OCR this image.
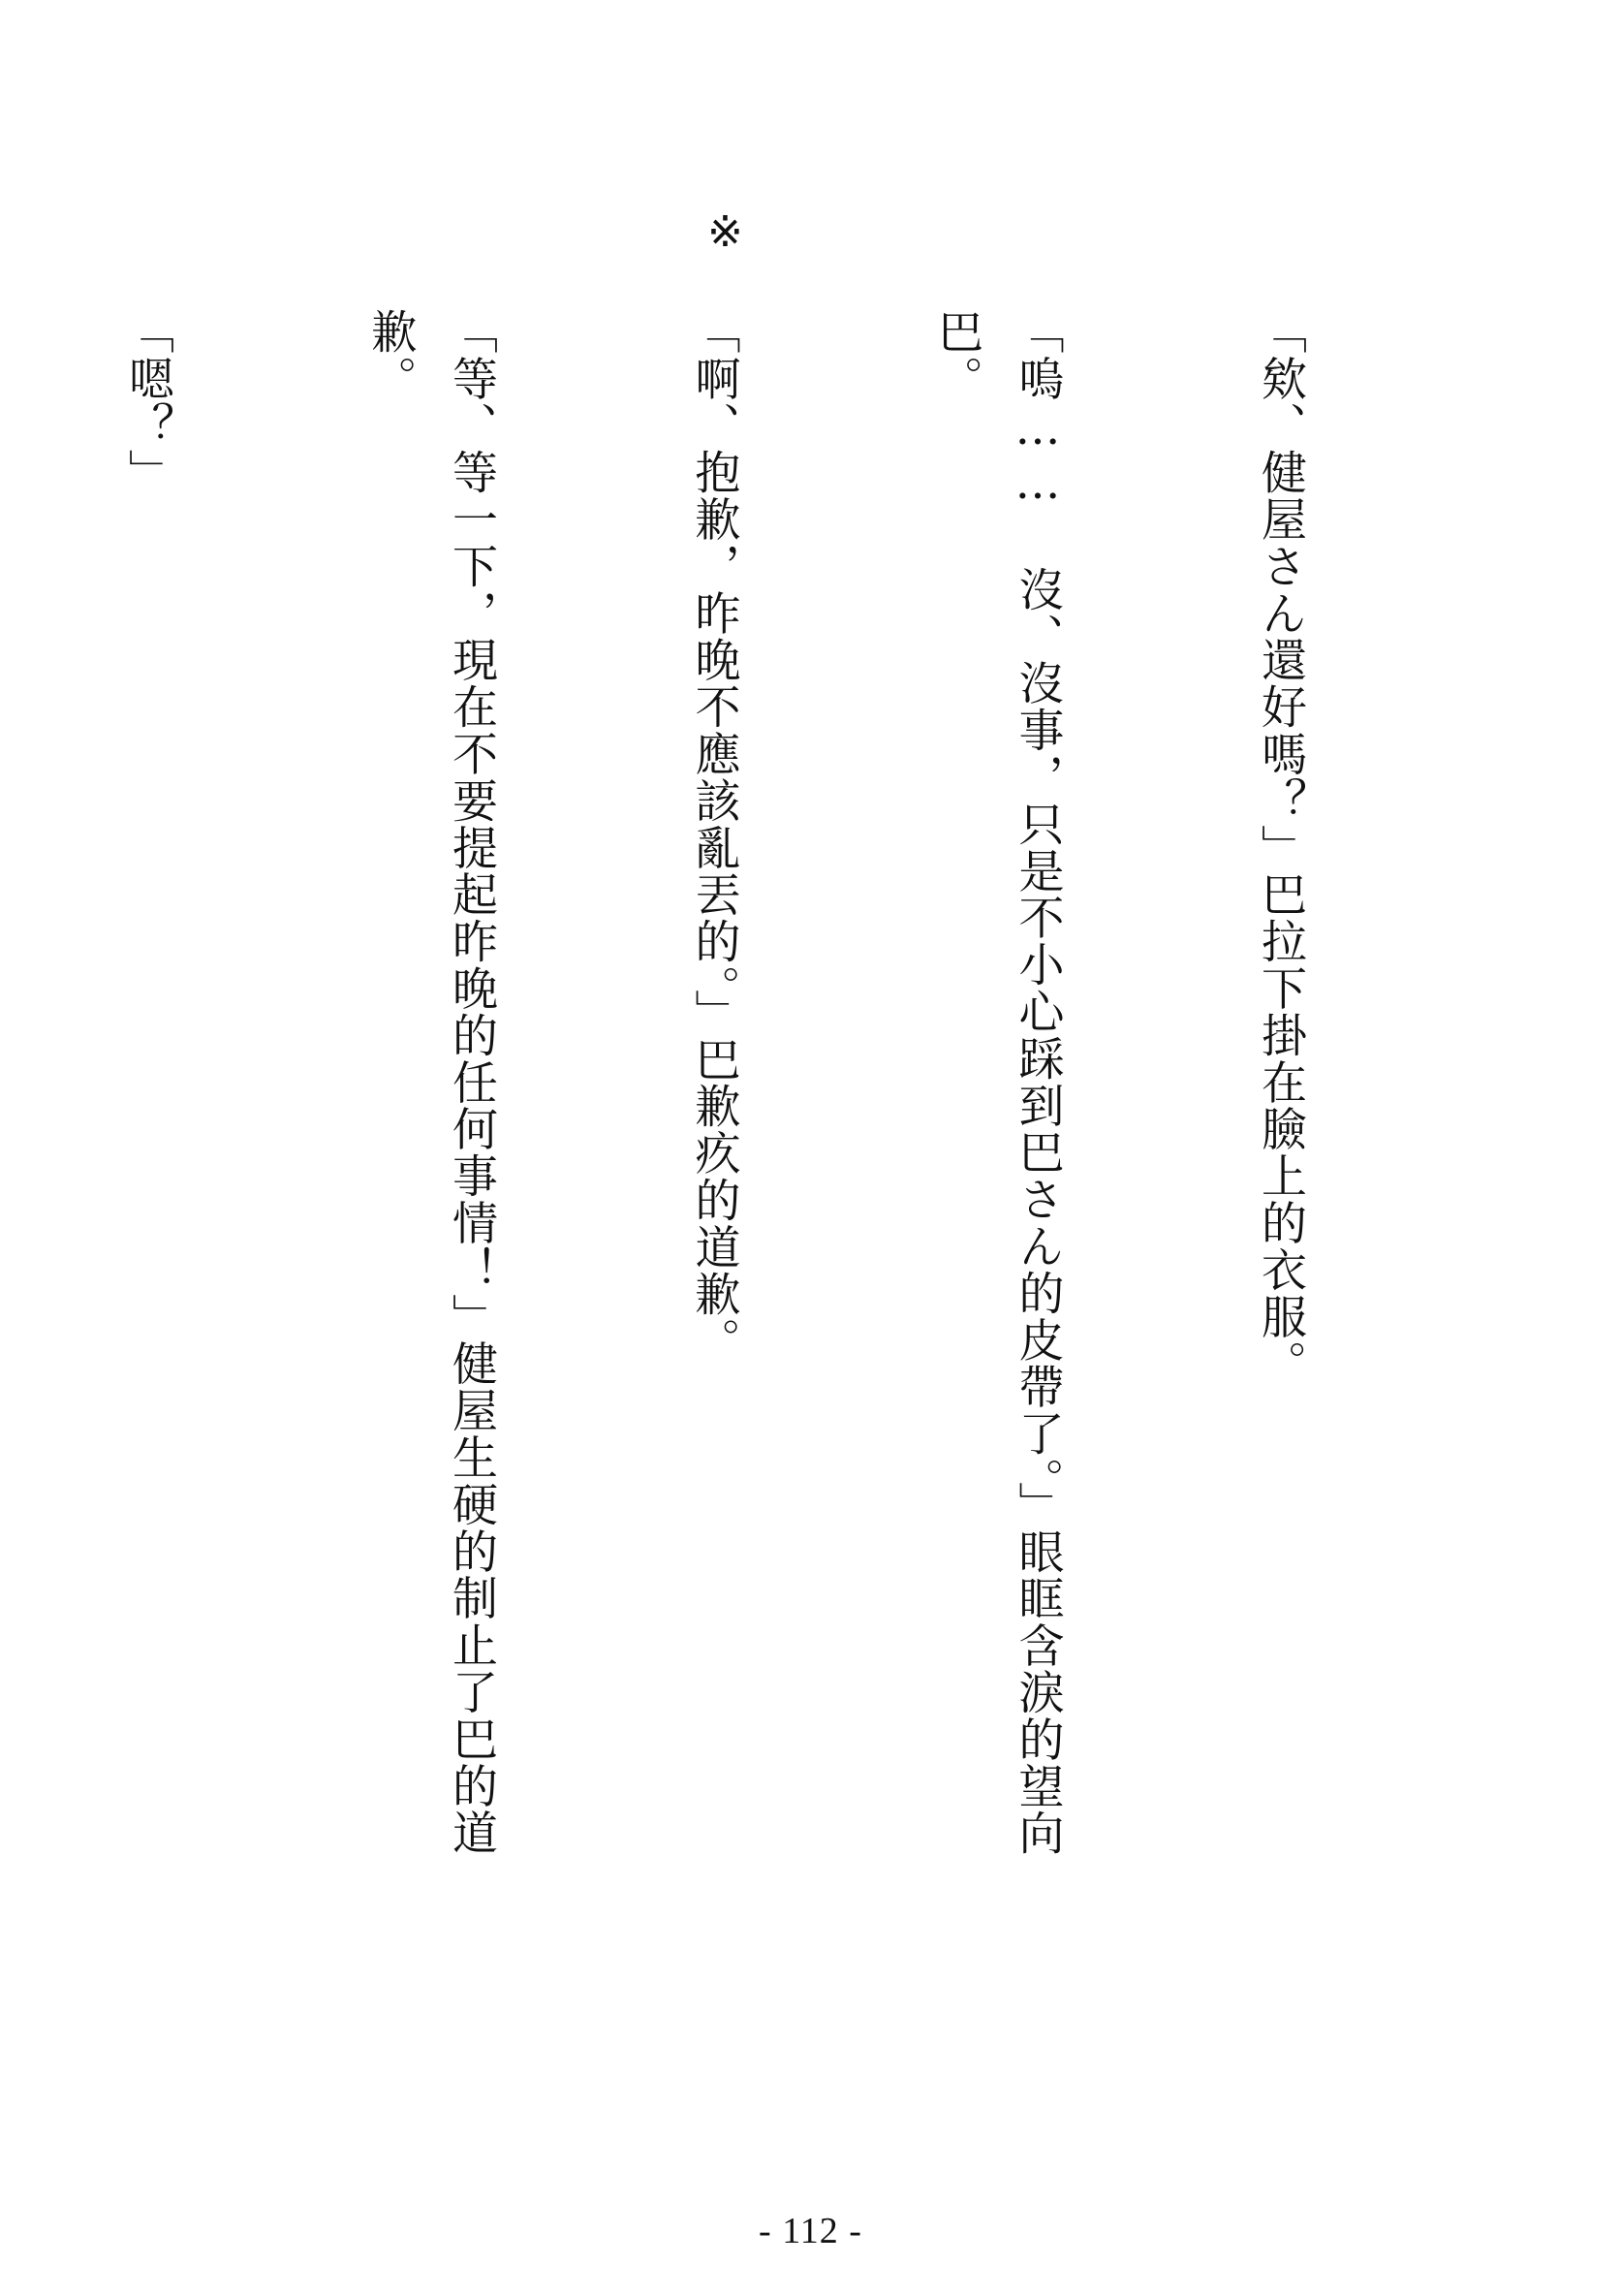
「欸、健屋さん還好嗎？」巴拉下掛在臉上的衣服。

「嗚…… 沒、沒事，只是不小心踩到巴さん的皮帶了。」眼眶含淚的望向巴。

「啊、抱歉，昨晚不應該亂丟的。」巴歉疚的道歉。

「等、等一下，現在不要提起昨晚的任何事情！」健屋生硬的制止了巴的道歉。

「嗯？」

※
- 112 -
